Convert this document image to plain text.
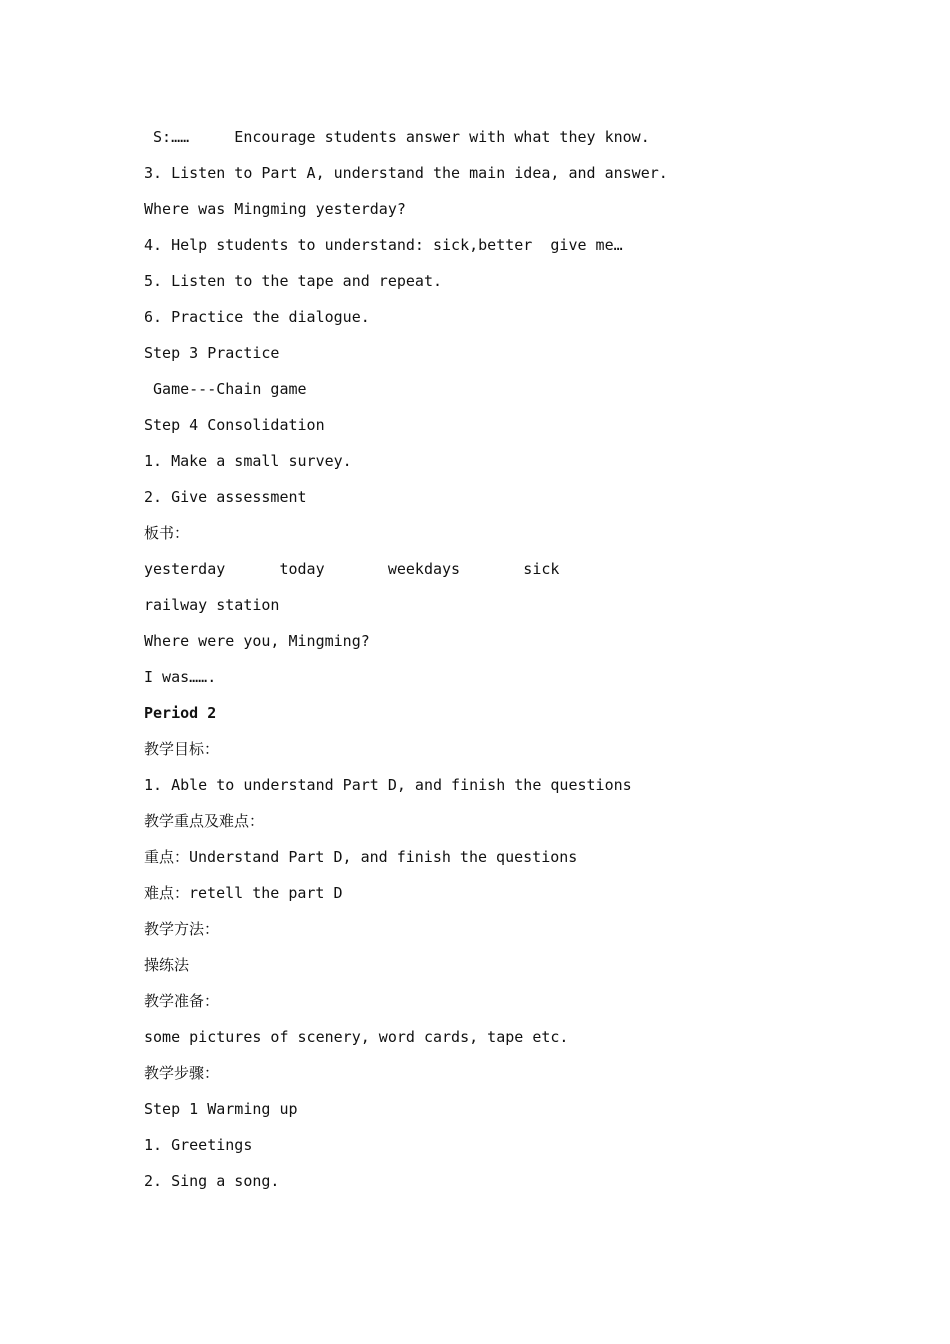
S:……     Encourage students answer with what they know.
3. Listen to Part A, understand the main idea, and answer.
Where was Mingming yesterday?
4. Help students to understand: sick,better  give me…
5. Listen to the tape and repeat.
6. Practice the dialogue.
Step 3 Practice
Game---Chain game
Step 4 Consolidation
1. Make a small survey.
2. Give assessment
板书：
yesterday      today       weekdays       sick
railway station
Where were you, Mingming?
I was…….
Period 2
教学目标：
1. Able to understand Part D, and finish the questions
教学重点及难点：
重点：Understand Part D, and finish the questions
难点：retell the part D
教学方法：
操练法
教学准备：
some pictures of scenery, word cards, tape etc.
教学步骤：
Step 1 Warming up
1. Greetings
2. Sing a song.
